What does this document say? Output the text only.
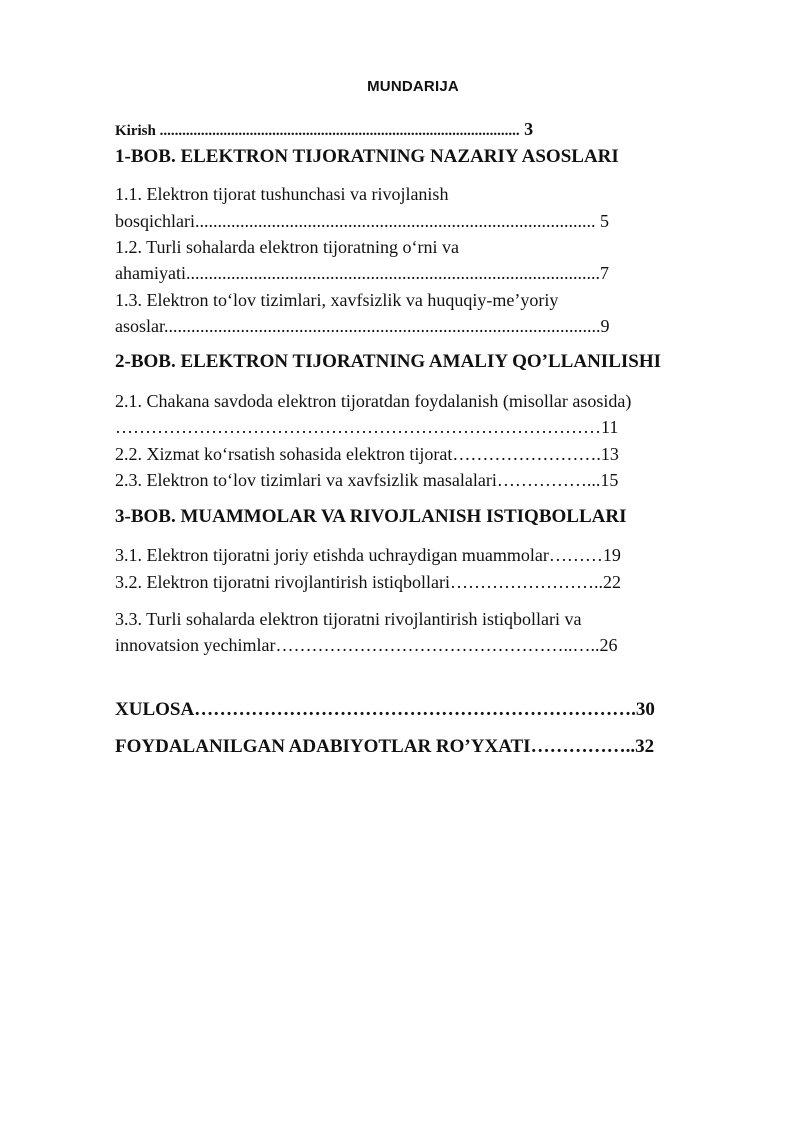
MUNDARIJA
Kirish ................................................................................................ 3
1-BOB. ELEKTRON TIJORATNING NAZARIY ASOSLARI
1.1. Elektron tijorat tushunchasi va rivojlanish
bosqichlari......................................................................................... 5
1.2. Turli sohalarda elektron tijoratning o‘rni va
ahamiyati............................................................................................7
1.3. Elektron to‘lov tizimlari, xavfsizlik va huquqiy-me’yoriy
asoslar.................................................................................................9
2-BOB. ELEKTRON TIJORATNING AMALIY QO’LLANILISHI
2.1. Chakana savdoda elektron tijoratdan foydalanish (misollar asosida)
………………………………………………………………………11
2.2. Xizmat ko‘rsatish sohasida elektron tijorat…………………….13
2.3. Elektron to‘lov tizimlari va xavfsizlik masalalari……………...15
3-BOB. MUAMMOLAR VA RIVOJLANISH ISTIQBOLLARI
3.1. Elektron tijoratni joriy etishda uchraydigan muammolar………19
3.2. Elektron tijoratni rivojlantirish istiqbollari……………………..22
3.3. Turli sohalarda elektron tijoratni rivojlantirish istiqbollari va
innovatsion yechimlar…………………………………………..…..26
XULOSA…………………………………………………………….30
FOYDALANILGAN ADABIYOTLAR RO’YXATI……………..32
